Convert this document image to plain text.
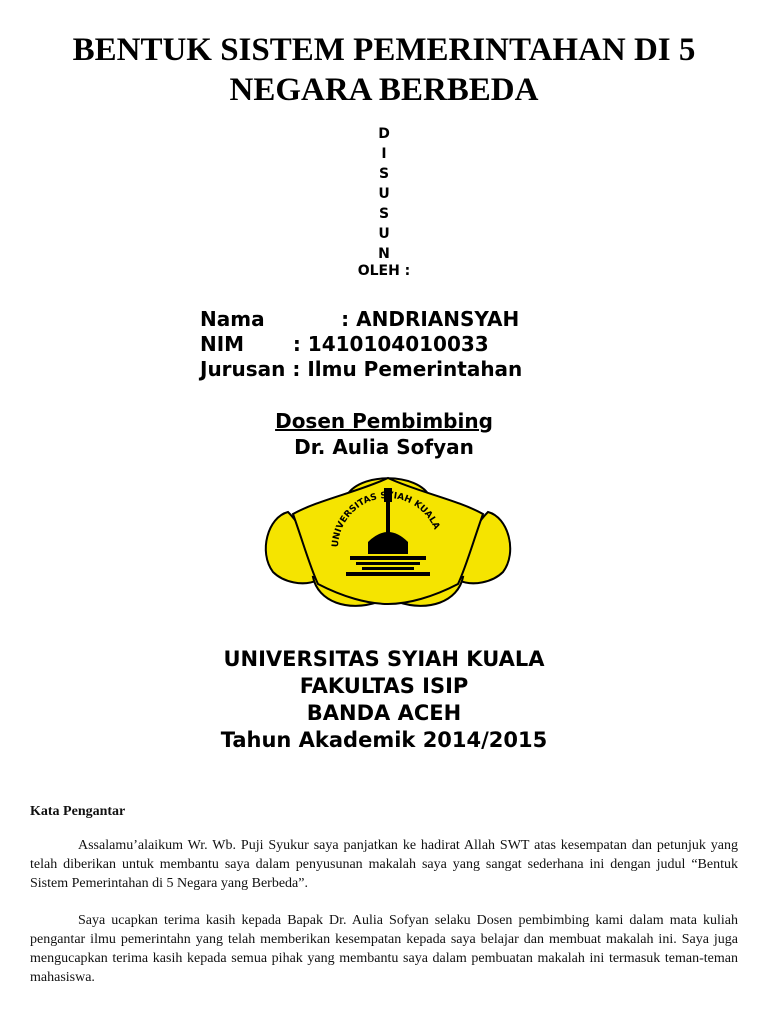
BENTUK SISTEM PEMERINTAHAN DI 5
NEGARA BERBEDA
D
I
S
U
S
U
N
OLEH :
Nama           : ANDRIANSYAH
NIM       : 1410104010033
Jurusan : Ilmu Pemerintahan
Dosen Pembimbing
Dr. Aulia Sofyan
UNIVERSITAS SYIAH KUALA
UNIVERSITAS SYIAH KUALA
FAKULTAS ISIP
BANDA ACEH
Tahun Akademik 2014/2015
Kata Pengantar

Assalamu’alaikum Wr. Wb. Puji Syukur saya panjatkan ke hadirat Allah SWT atas kesempatan dan petunjuk yang telah diberikan untuk membantu saya dalam penyusunan makalah saya yang sangat sederhana ini dengan judul “Bentuk Sistem Pemerintahan di 5 Negara yang Berbeda”.

Saya ucapkan terima kasih kepada Bapak Dr. Aulia Sofyan selaku Dosen pembimbing kami dalam mata kuliah pengantar ilmu pemerintahn yang telah memberikan kesempatan kepada saya belajar dan membuat makalah ini. Saya juga mengucapkan terima kasih kepada semua pihak yang membantu saya dalam pembuatan makalah ini termasuk teman-teman mahasiswa.
